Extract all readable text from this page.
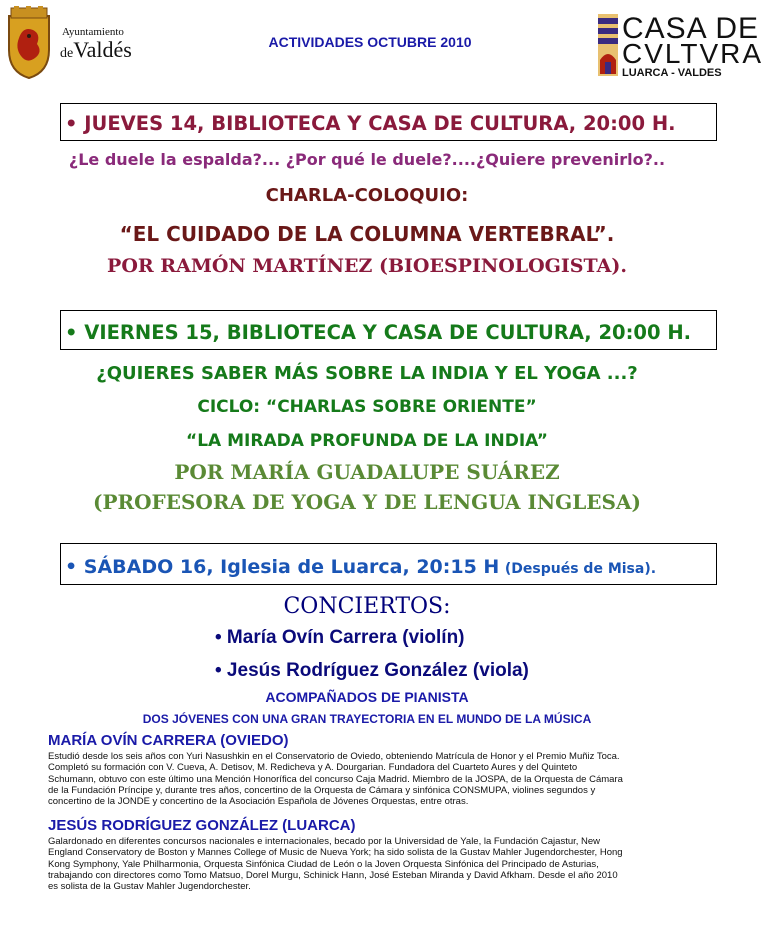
Ayuntamiento
deValdés	ACTIVIDADES OCTUBRE 2010	CASA DE
CVLTVRA
LUARCA - VALDES
• JUEVES 14, BIBLIOTECA Y CASA DE CULTURA, 20:00 H.
¿Le duele la espalda?... ¿Por qué le duele?....¿Quiere prevenirlo?..
CHARLA-COLOQUIO:
“EL CUIDADO DE LA COLUMNA VERTEBRAL”.
POR RAMÓN MARTÍNEZ (BIOESPINOLOGISTA).
• VIERNES 15, BIBLIOTECA Y CASA DE CULTURA, 20:00 H.
¿QUIERES SABER MÁS SOBRE LA INDIA Y EL YOGA ...?
CICLO: “CHARLAS SOBRE ORIENTE”
“LA MIRADA PROFUNDA DE LA INDIA”
POR MARÍA GUADALUPE SUÁREZ
(PROFESORA DE YOGA Y DE LENGUA INGLESA)
• SÁBADO 16, Iglesia de Luarca, 20:15 H (Después de Misa).
CONCIERTOS:
• María Ovín Carrera (violín)
• Jesús Rodríguez González (viola)
ACOMPAÑADOS DE PIANISTA
DOS JÓVENES CON UNA GRAN TRAYECTORIA EN EL MUNDO DE LA MÚSICA
MARÍA OVÍN CARRERA (OVIEDO)
Estudió desde los seis años con Yuri Nasushkin en el Conservatorio de Oviedo, obteniendo Matrícula de Honor y el Premio Muñiz Toca.
Completó su formación con V. Cueva, A. Detisov, M. Redicheva y A. Dourgarian. Fundadora del Cuarteto Aures y del Quinteto
Schumann, obtuvo con este último una Mención Honorífica del concurso Caja Madrid. Miembro de la JOSPA, de la Orquesta de Cámara
de la Fundación Príncipe y, durante tres años, concertino de la Orquesta de Cámara y sinfónica CONSMUPA, violines segundos y
concertino de la JONDE y concertino de la Asociación Española de Jóvenes Orquestas, entre otras.
JESÚS RODRÍGUEZ GONZÁLEZ (LUARCA)
Galardonado en diferentes concursos nacionales e internacionales, becado por la Universidad de Yale, la Fundación Cajastur, New
England Conservatory de Boston y Mannes College of Music de Nueva York; ha sido solista de la Gustav Mahler Jugendorchester, Hong
Kong Symphony, Yale Philharmonia, Orquesta Sinfónica Ciudad de León o la Joven Orquesta Sinfónica del Principado de Asturias,
trabajando con directores como Tomo Matsuo, Dorel Murgu, Schinick Hann, José Esteban Miranda y David Afkham. Desde el año 2010
es solista de la Gustav Mahler Jugendorchester.
